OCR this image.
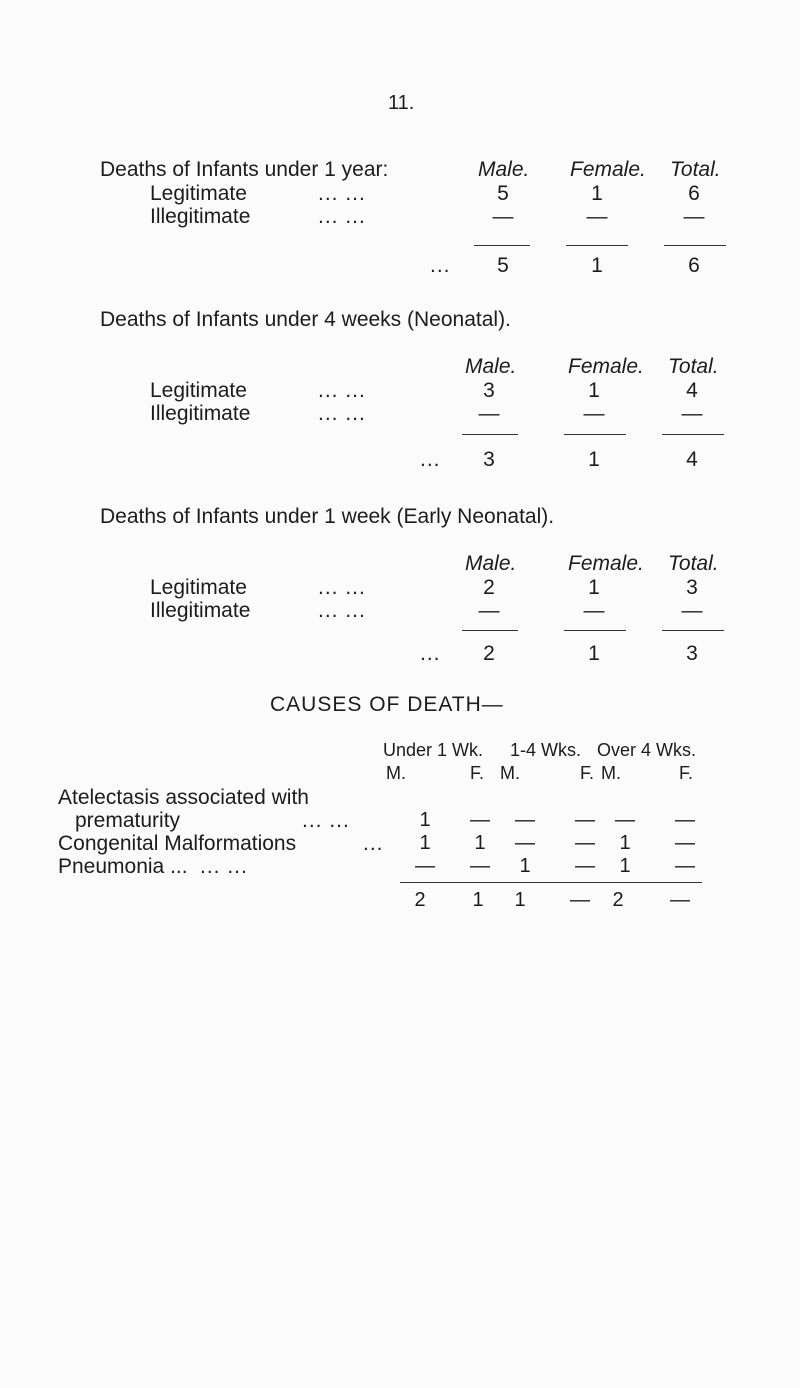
11.
Deaths of Infants under 1 year:	Male. Female. Total.
Legitimate	... ...	5	1	6
Illegitimate	... ...	—	—	—
...	5	1	6
Deaths of Infants under 4 weeks (Neonatal).
Male. Female. Total.
Legitimate	... ...	3	1	4
Illegitimate	... ...	—	—	—
...	3	1	4
Deaths of Infants under 1 week (Early Neonatal).
Male. Female. Total.
Legitimate	... ...	2	1	3
Illegitimate	... ...	—	—	—
...	2	1	3
CAUSES OF DEATH—
Under 1 Wk. 1-4 Wks. Over 4 Wks.
M.	F. M.	F. M.	F.
Atelectasis associated with
prematurity	... ...	1	—	—	—	—	—
Congenital Malformations	...	1	1	—	—	1	—
Pneumonia ... ... ...	—	—	1	—	1	—
2	1	1	—	2	—
